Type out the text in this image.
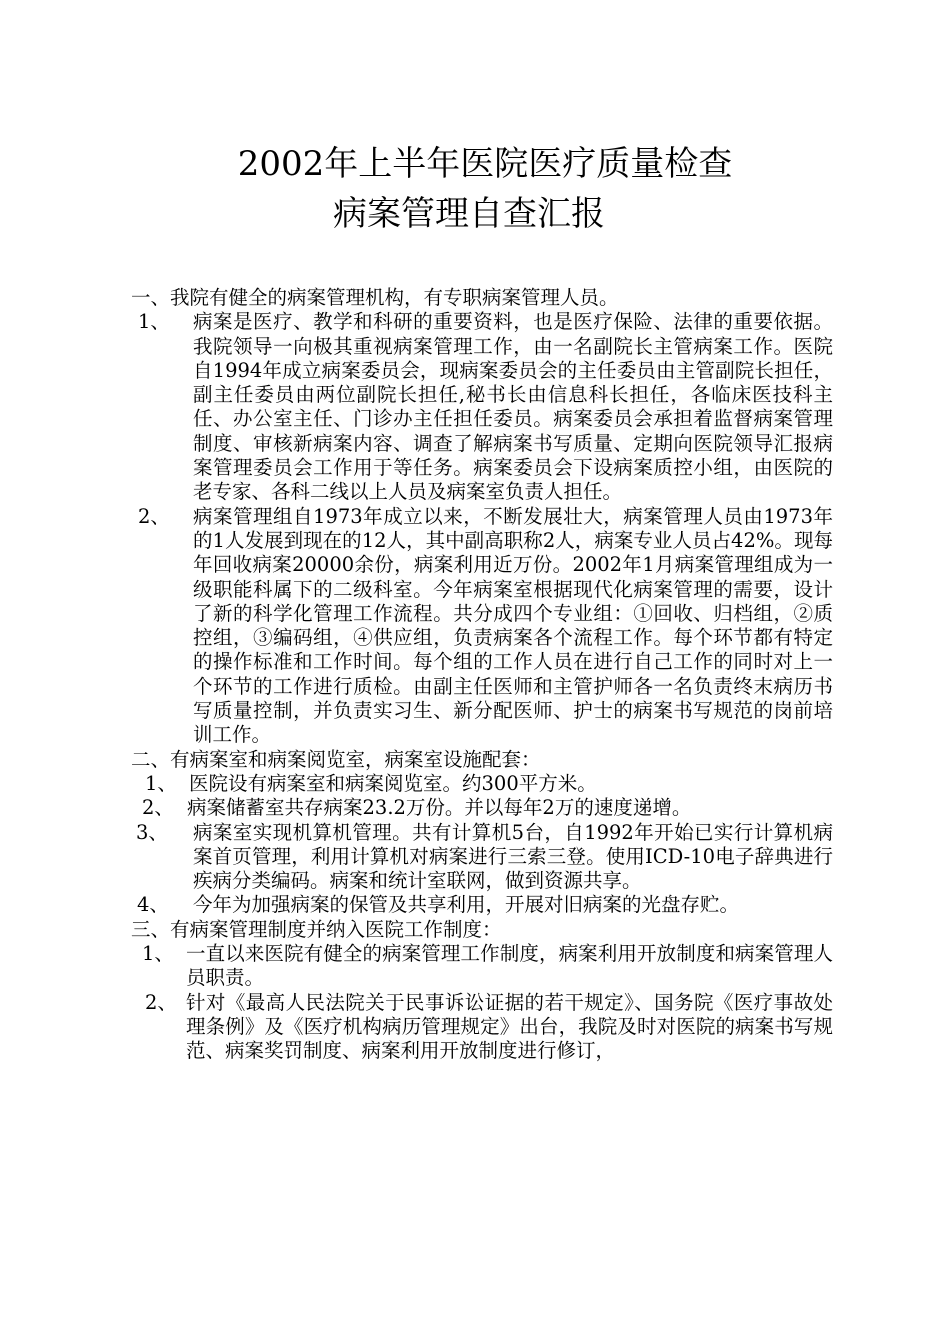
2002年上半年医院医疗质量检查
病案管理自查汇报
一、我院有健全的病案管理机构，有专职病案管理人员。
1、 病案是医疗、教学和科研的重要资料，也是医疗保险、法律的重要依据。我院领导一向极其重视病案管理工作，由一名副院长主管病案工作。医院自1994年成立病案委员会，现病案委员会的主任委员由主管副院长担任，副主任委员由两位副院长担任,秘书长由信息科长担任，各临床医技科主任、办公室主任、门诊办主任担任委员。病案委员会承担着监督病案管理制度、审核新病案内容、调查了解病案书写质量、定期向医院领导汇报病案管理委员会工作用于等任务。病案委员会下设病案质控小组，由医院的老专家、各科二线以上人员及病案室负责人担任。
2、 病案管理组自1973年成立以来，不断发展壮大，病案管理人员由1973年的1人发展到现在的12人，其中副高职称2人，病案专业人员占42%。现每年回收病案20000余份，病案利用近万份。2002年1月病案管理组成为一级职能科属下的二级科室。今年病案室根据现代化病案管理的需要，设计了新的科学化管理工作流程。共分成四个专业组：①回收、归档组，②质控组，③编码组，④供应组，负责病案各个流程工作。每个环节都有特定的操作标准和工作时间。每个组的工作人员在进行自己工作的同时对上一个环节的工作进行质检。由副主任医师和主管护师各一名负责终末病历书写质量控制，并负责实习生、新分配医师、护士的病案书写规范的岗前培训工作。
二、有病案室和病案阅览室，病案室设施配套：
1、 医院设有病案室和病案阅览室。约300平方米。
2、 病案储蓄室共存病案23.2万份。并以每年2万的速度递增。
3、 病案室实现机算机管理。共有计算机5台，自1992年开始已实行计算机病案首页管理，利用计算机对病案进行三索三登。使用ICD-10电子辞典进行疾病分类编码。病案和统计室联网，做到资源共享。
4、 今年为加强病案的保管及共享利用，开展对旧病案的光盘存贮。
三、有病案管理制度并纳入医院工作制度：
1、 一直以来医院有健全的病案管理工作制度，病案利用开放制度和病案管理人员职责。
2、 针对《最高人民法院关于民事诉讼证据的若干规定》、国务院《医疗事故处理条例》及《医疗机构病历管理规定》出台，我院及时对医院的病案书写规范、病案奖罚制度、病案利用开放制度进行修订，
